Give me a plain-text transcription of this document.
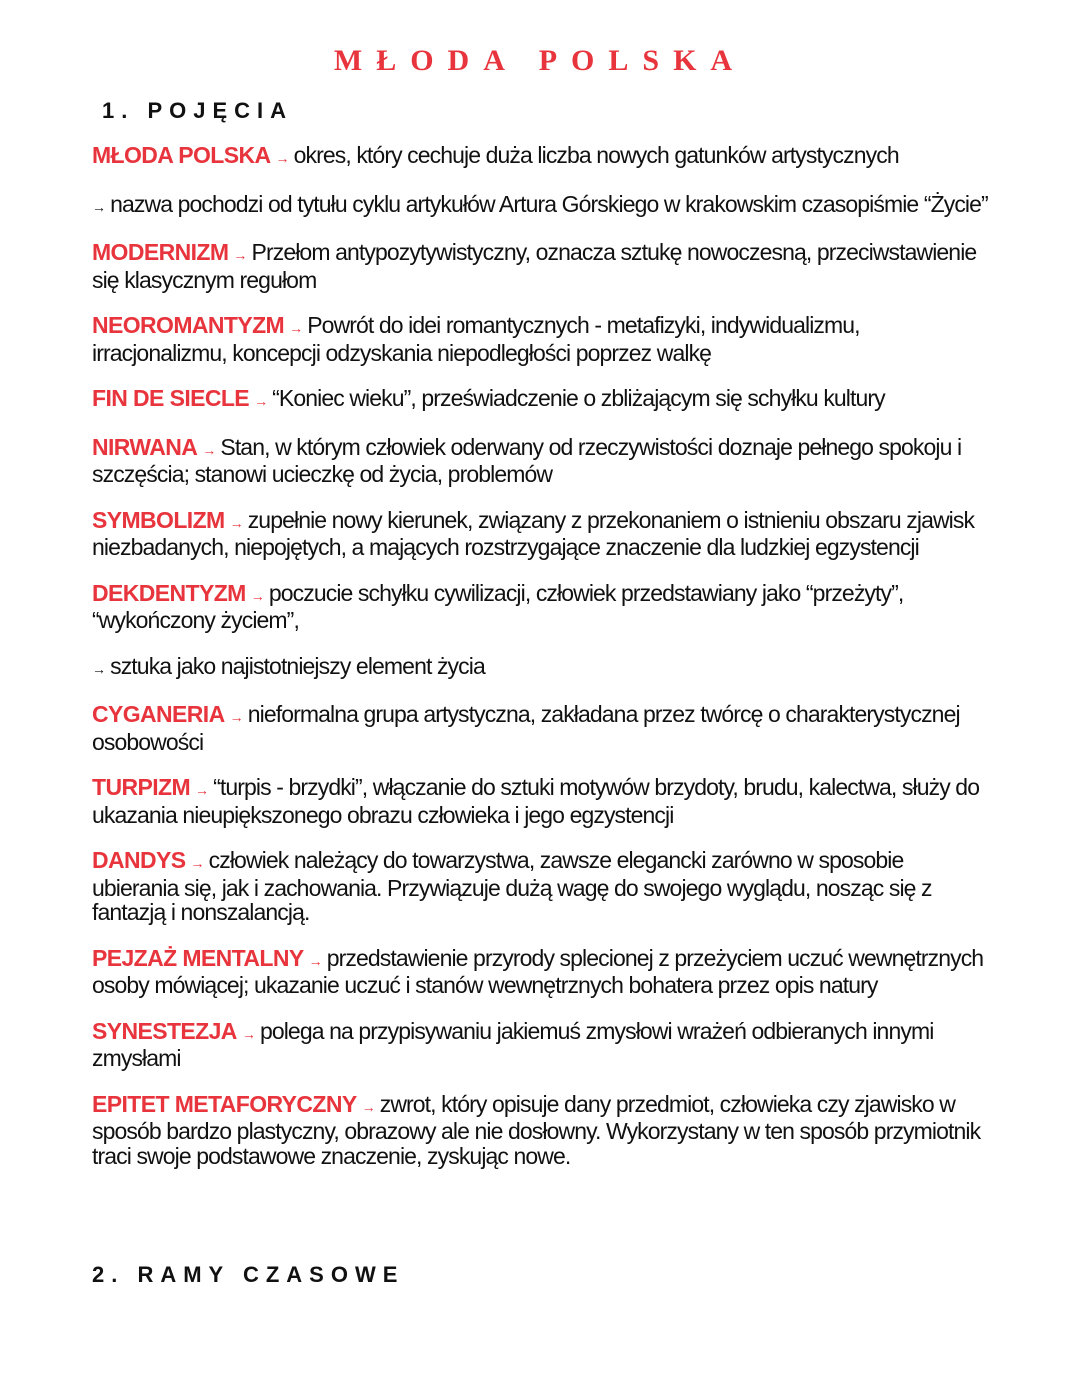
MŁODA POLSKA
1. POJĘCIA
MŁODA POLSKA → okres, który cechuje duża liczba nowych gatunków artystycznych
→ nazwa pochodzi od tytułu cyklu artykułów Artura Górskiego w krakowskim czasopiśmie “Życie”
MODERNIZM → Przełom antypozytywistyczny, oznacza sztukę nowoczesną, przeciwstawienie się klasycznym regułom
NEOROMANTYZM → Powrót do idei romantycznych - metafizyki, indywidualizmu, irracjonalizmu, koncepcji odzyskania niepodległości poprzez walkę
FIN DE SIECLE → “Koniec wieku”, przeświadczenie o zbliżającym się schyłku kultury
NIRWANA → Stan, w którym człowiek oderwany od rzeczywistości doznaje pełnego spokoju i szczęścia; stanowi ucieczkę od życia, problemów
SYMBOLIZM → zupełnie nowy kierunek, związany z przekonaniem o istnieniu obszaru zjawisk niezbadanych, niepojętych, a mających rozstrzygające znaczenie dla ludzkiej egzystencji
DEKDENTYZM → poczucie schyłku cywilizacji, człowiek przedstawiany jako “przeżyty”, “wykończony życiem”,
→ sztuka jako najistotniejszy element życia
CYGANERIA → nieformalna grupa artystyczna, zakładana przez twórcę o charakterystycznej osobowości
TURPIZM → “turpis - brzydki”, włączanie do sztuki motywów brzydoty, brudu, kalectwa, służy do ukazania nieupiększonego obrazu człowieka i jego egzystencji
DANDYS → człowiek należący do towarzystwa, zawsze elegancki zarówno w sposobie ubierania się, jak i zachowania. Przywiązuje dużą wagę do swojego wyglądu, nosząc się z fantazją i nonszalancją.
PEJZAŻ MENTALNY → przedstawienie przyrody splecionej z przeżyciem uczuć wewnętrznych osoby mówiącej; ukazanie uczuć i stanów wewnętrznych bohatera przez opis natury
SYNESTEZJA → polega na przypisywaniu jakiemuś zmysłowi wrażeń odbieranych innymi zmysłami
EPITET METAFORYCZNY → zwrot, który opisuje dany przedmiot, człowieka czy zjawisko w sposób bardzo plastyczny, obrazowy ale nie dosłowny. Wykorzystany w ten sposób przymiotnik traci swoje podstawowe znaczenie, zyskując nowe.
2. RAMY CZASOWE
